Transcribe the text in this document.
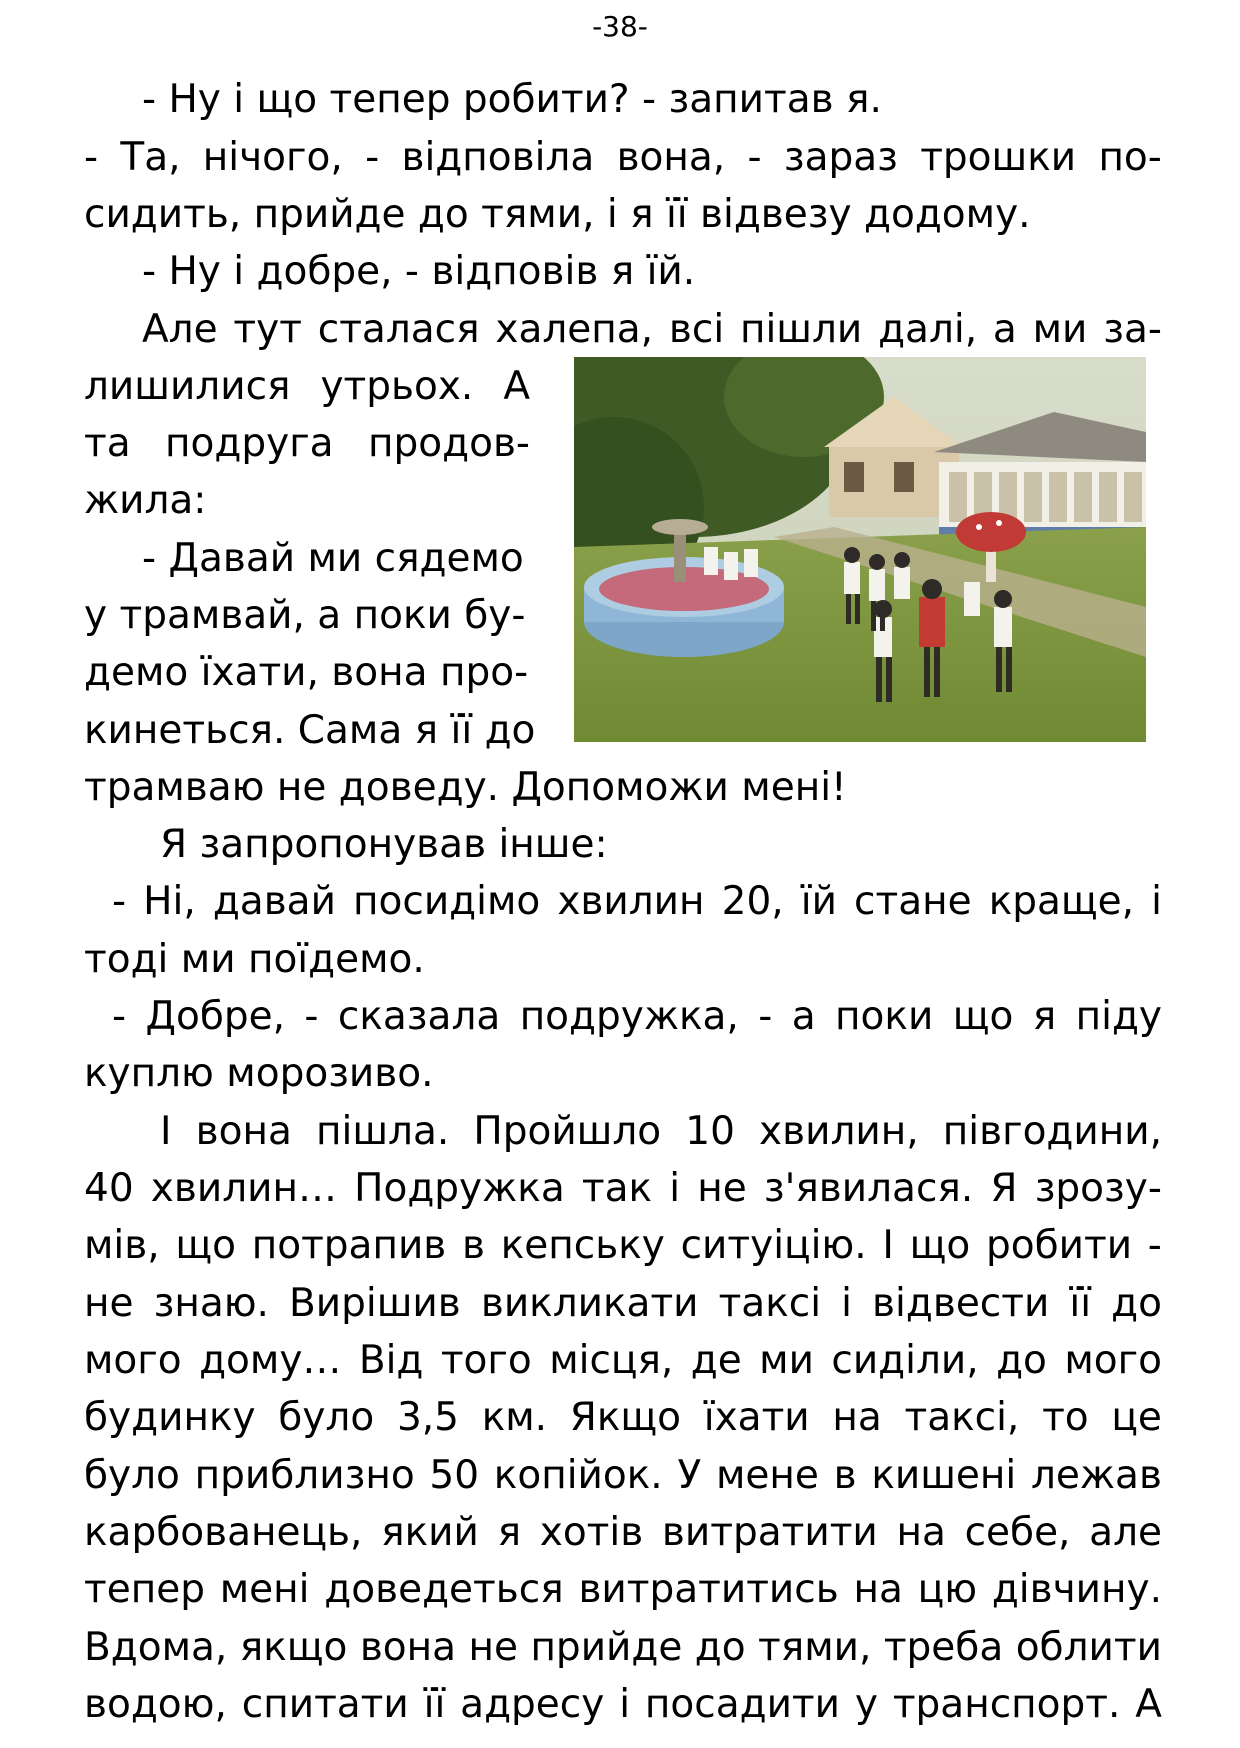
-38-
- Ну і що тепер робити? - запитав я.
- Та, нічого, - відповіла вона, - зараз трошки по-
сидить, прийде до тями, і я її відвезу додому.
- Ну і добре, - відповів я їй.
Але тут сталася халепа, всі пішли далі, а ми за-
лишилися утрьох. А
та подруга продов-
жила:
- Давай ми сядемо
у трамвай, а поки бу-
демо їхати, вона про-
кинеться. Сама я її до
трамваю не доведу. Допоможи мені!
Я запропонував інше:
- Ні, давай посидімо хвилин 20, їй стане краще, і
тоді ми поїдемо.
- Добре, - сказала подружка, - а поки що я піду
куплю морозиво.
І вона пішла. Пройшло 10 хвилин, півгодини,
40 хвилин… Подружка так і не з'явилася. Я зрозу-
мів, що потрапив в кепську ситуіцію. І що робити -
не знаю. Вирішив викликати таксі і відвести її до
мого дому… Від того місця, де ми сиділи, до мого
будинку було 3,5 км. Якщо їхати на таксі, то це
було приблизно 50 копійок. У мене в кишені лежав
карбованець, який я хотів витратити на себе, але
тепер мені доведеться витратитись на цю дівчину.
Вдома, якщо вона не прийде до тями, треба облити
водою, спитати її адресу і посадити у транспорт. А
